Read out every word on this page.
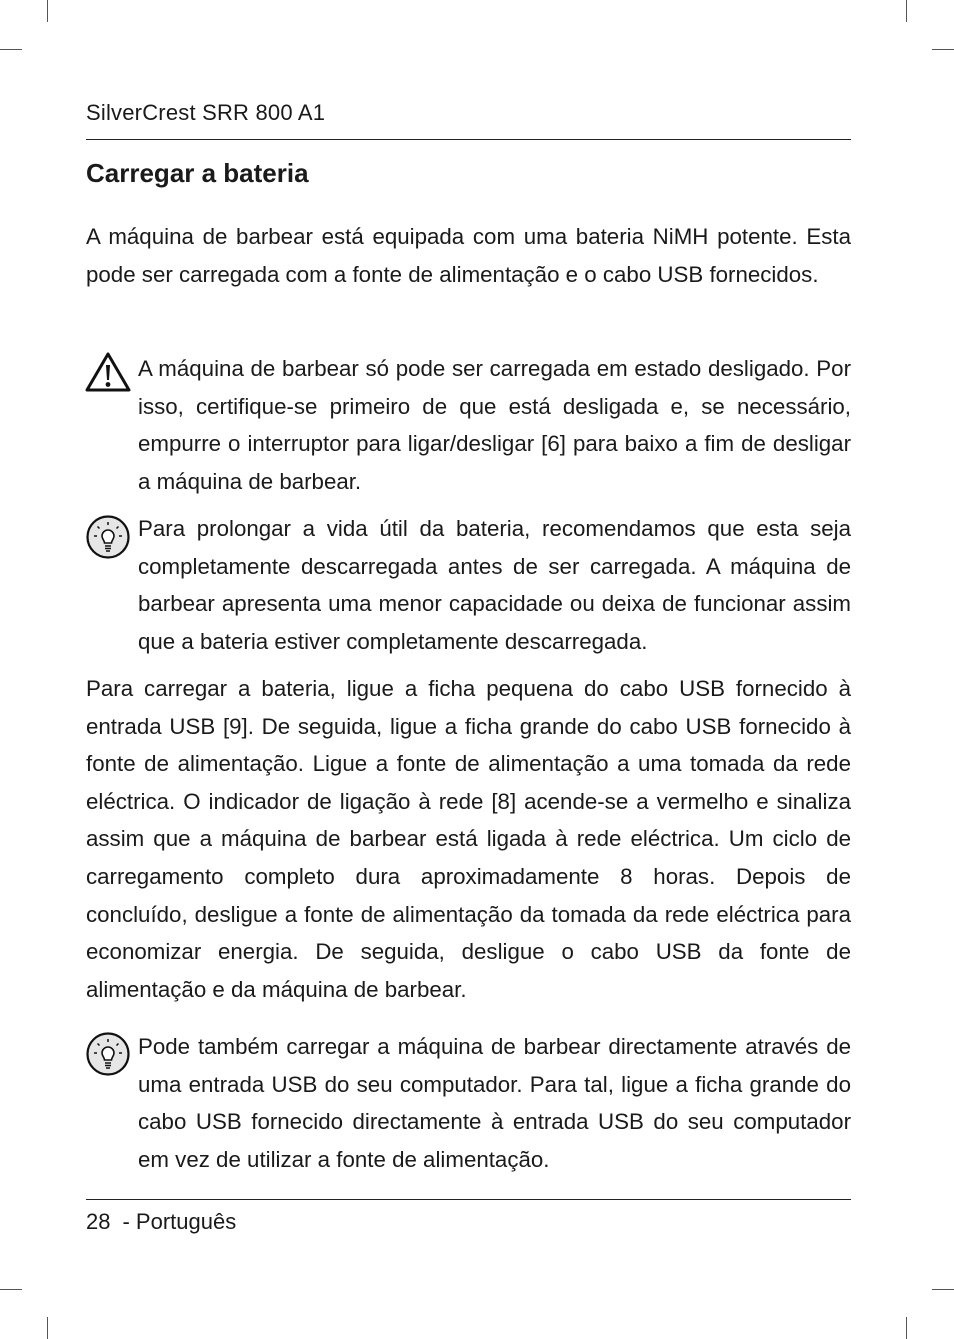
SilverCrest SRR 800 A1
Carregar a bateria

A máquina de barbear está equipada com uma bateria NiMH potente. Esta pode ser carregada com a fonte de alimentação e o cabo USB fornecidos.

A máquina de barbear só pode ser carregada em estado desligado. Por isso, certifique-se primeiro de que está desligada e, se necessário, empurre o interruptor para ligar/desligar [6] para baixo a fim de desligar a máquina de barbear.

Para prolongar a vida útil da bateria, recomendamos que esta seja completamente descarregada antes de ser carregada. A máquina de barbear apresenta uma menor capacidade ou deixa de funcionar assim que a bateria estiver completamente descarregada.

Para carregar a bateria, ligue a ficha pequena do cabo USB fornecido à entrada USB [9]. De seguida, ligue a ficha grande do cabo USB fornecido à fonte de alimentação. Ligue a fonte de alimentação a uma tomada da rede eléctrica. O indicador de ligação à rede [8] acende-se a vermelho e sinaliza assim que a máquina de barbear está ligada à rede eléctrica. Um ciclo de carregamento completo dura aproximadamente 8 horas. Depois de concluído, desligue a fonte de alimentação da tomada da rede eléctrica para economizar energia. De seguida, desligue o cabo USB da fonte de alimentação e da máquina de barbear.

Pode também carregar a máquina de barbear directamente através de uma entrada USB do seu computador. Para tal, ligue a ficha grande do cabo USB fornecido directamente à entrada USB do seu computador em vez de utilizar a fonte de alimentação.

28 - Português
